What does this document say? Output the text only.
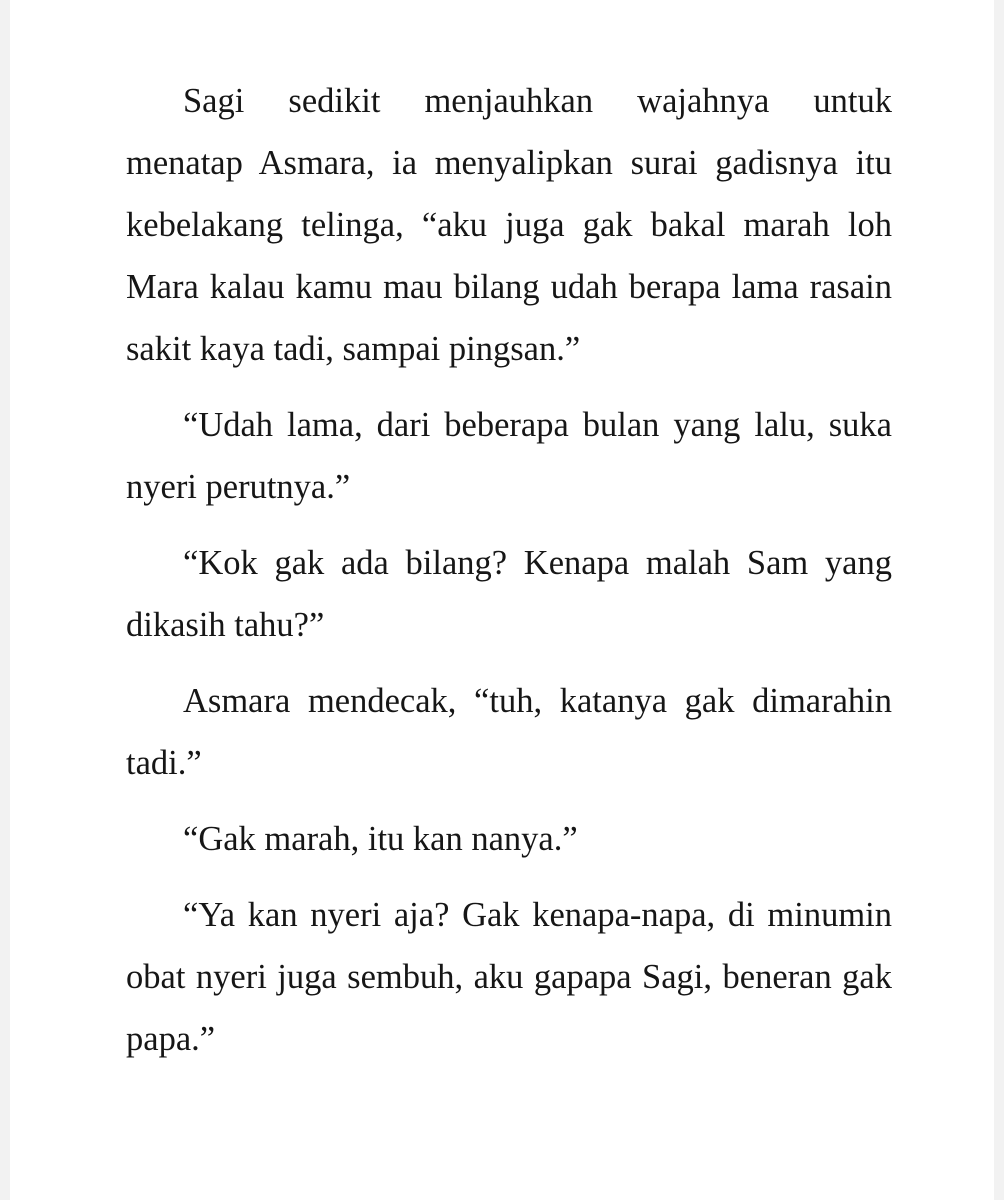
Sagi sedikit menjauhkan wajahnya untuk
menatap Asmara, ia menyalipkan surai gadisnya itu
kebelakang telinga, “aku juga gak bakal marah loh
Mara kalau kamu mau bilang udah berapa lama rasain
sakit kaya tadi, sampai pingsan.”
“Udah lama, dari beberapa bulan yang lalu, suka
nyeri perutnya.”
“Kok gak ada bilang? Kenapa malah Sam yang
dikasih tahu?”
Asmara mendecak, “tuh, katanya gak dimarahin
tadi.”
“Gak marah, itu kan nanya.”
“Ya kan nyeri aja? Gak kenapa-napa, di minumin
obat nyeri juga sembuh, aku gapapa Sagi, beneran gak
papa.”
